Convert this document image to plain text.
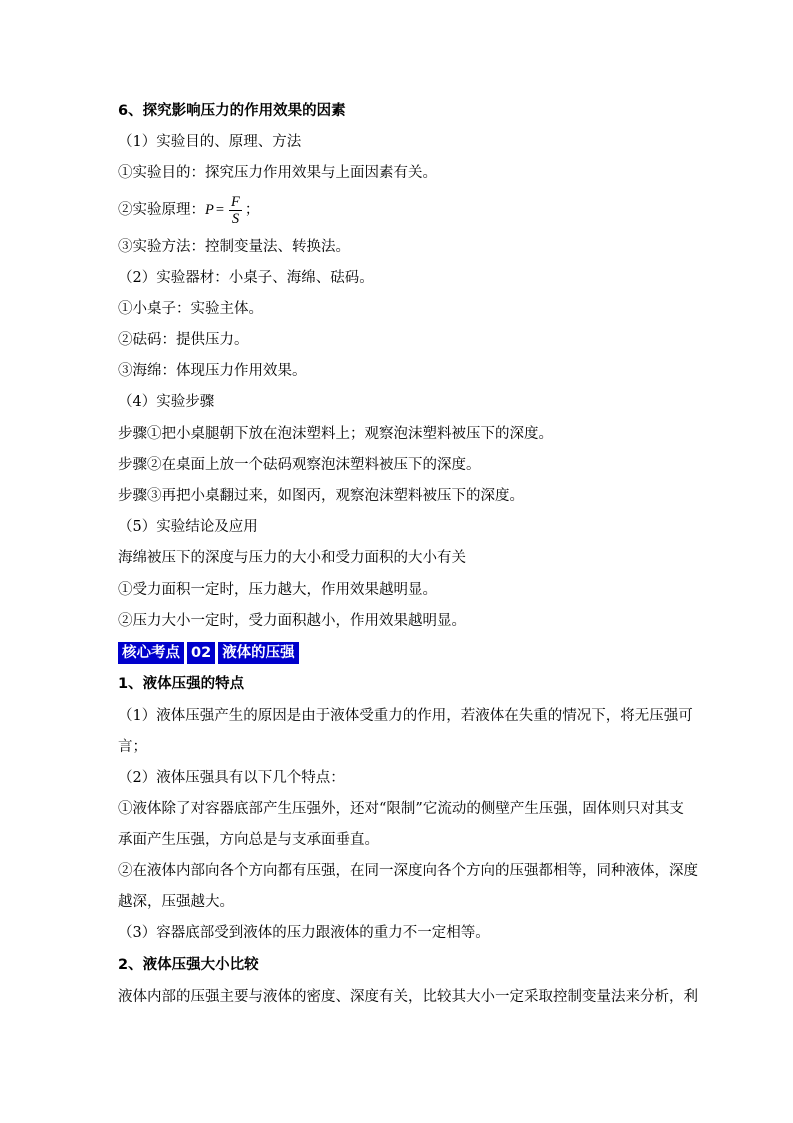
6、探究影响压力的作用效果的因素
（1）实验目的、原理、方法
①实验目的：探究压力作用效果与上面因素有关。
②实验原理： $P = \frac{F}{S}$ ；
③实验方法：控制变量法、转换法。
（2）实验器材：小桌子、海绵、砝码。
①小桌子：实验主体。
②砝码：提供压力。
③海绵：体现压力作用效果。
（4）实验步骤
步骤①把小桌腿朝下放在泡沫塑料上；观察泡沫塑料被压下的深度。
步骤②在桌面上放一个砝码观察泡沫塑料被压下的深度。
步骤③再把小桌翻过来，如图丙，观察泡沫塑料被压下的深度。
（5）实验结论及应用
海绵被压下的深度与压力的大小和受力面积的大小有关
①受力面积一定时，压力越大，作用效果越明显。
②压力大小一定时，受力面积越小，作用效果越明显。
核心考点 02 液体的压强
1、液体压强的特点
（1）液体压强产生的原因是由于液体受重力的作用，若液体在失重的情况下，将无压强可
言；
（2）液体压强具有以下几个特点：
①液体除了对容器底部产生压强外，还对“限制”它流动的侧壁产生压强，固体则只对其支
承面产生压强，方向总是与支承面垂直。
②在液体内部向各个方向都有压强，在同一深度向各个方向的压强都相等，同种液体，深度
越深，压强越大。
（3）容器底部受到液体的压力跟液体的重力不一定相等。
2、液体压强大小比较
液体内部的压强主要与液体的密度、深度有关，比较其大小一定采取控制变量法来分析，利
